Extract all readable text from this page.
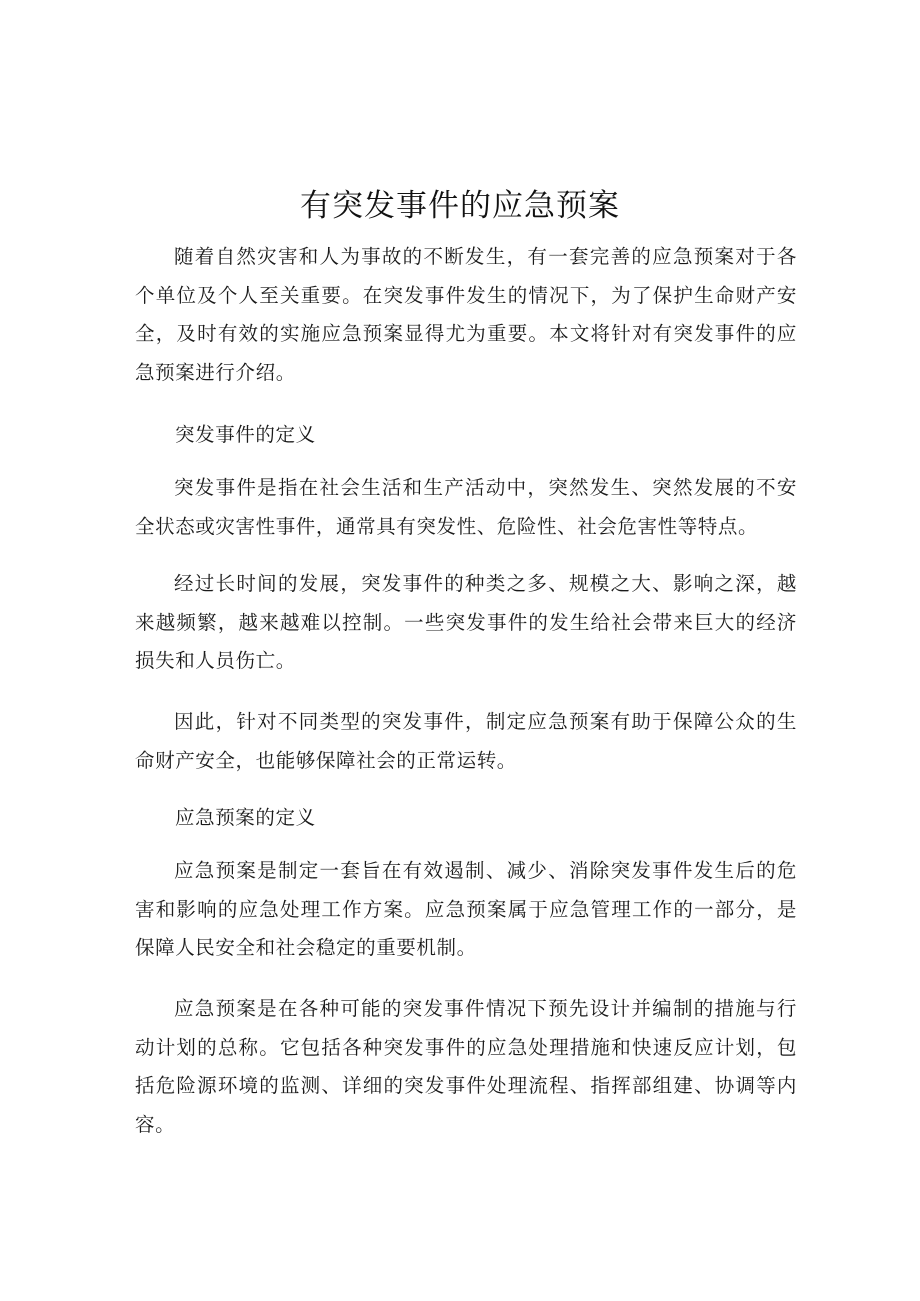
有突发事件的应急预案

随着自然灾害和人为事故的不断发生，有一套完善的应急预案对于各个单位及个人至关重要。在突发事件发生的情况下，为了保护生命财产安全，及时有效的实施应急预案显得尤为重要。本文将针对有突发事件的应急预案进行介绍。

突发事件的定义

突发事件是指在社会生活和生产活动中，突然发生、突然发展的不安全状态或灾害性事件，通常具有突发性、危险性、社会危害性等特点。

经过长时间的发展，突发事件的种类之多、规模之大、影响之深，越来越频繁，越来越难以控制。一些突发事件的发生给社会带来巨大的经济损失和人员伤亡。

因此，针对不同类型的突发事件，制定应急预案有助于保障公众的生命财产安全，也能够保障社会的正常运转。

应急预案的定义

应急预案是制定一套旨在有效遏制、减少、消除突发事件发生后的危害和影响的应急处理工作方案。应急预案属于应急管理工作的一部分，是保障人民安全和社会稳定的重要机制。

应急预案是在各种可能的突发事件情况下预先设计并编制的措施与行动计划的总称。它包括各种突发事件的应急处理措施和快速反应计划，包括危险源环境的监测、详细的突发事件处理流程、指挥部组建、协调等内容。
